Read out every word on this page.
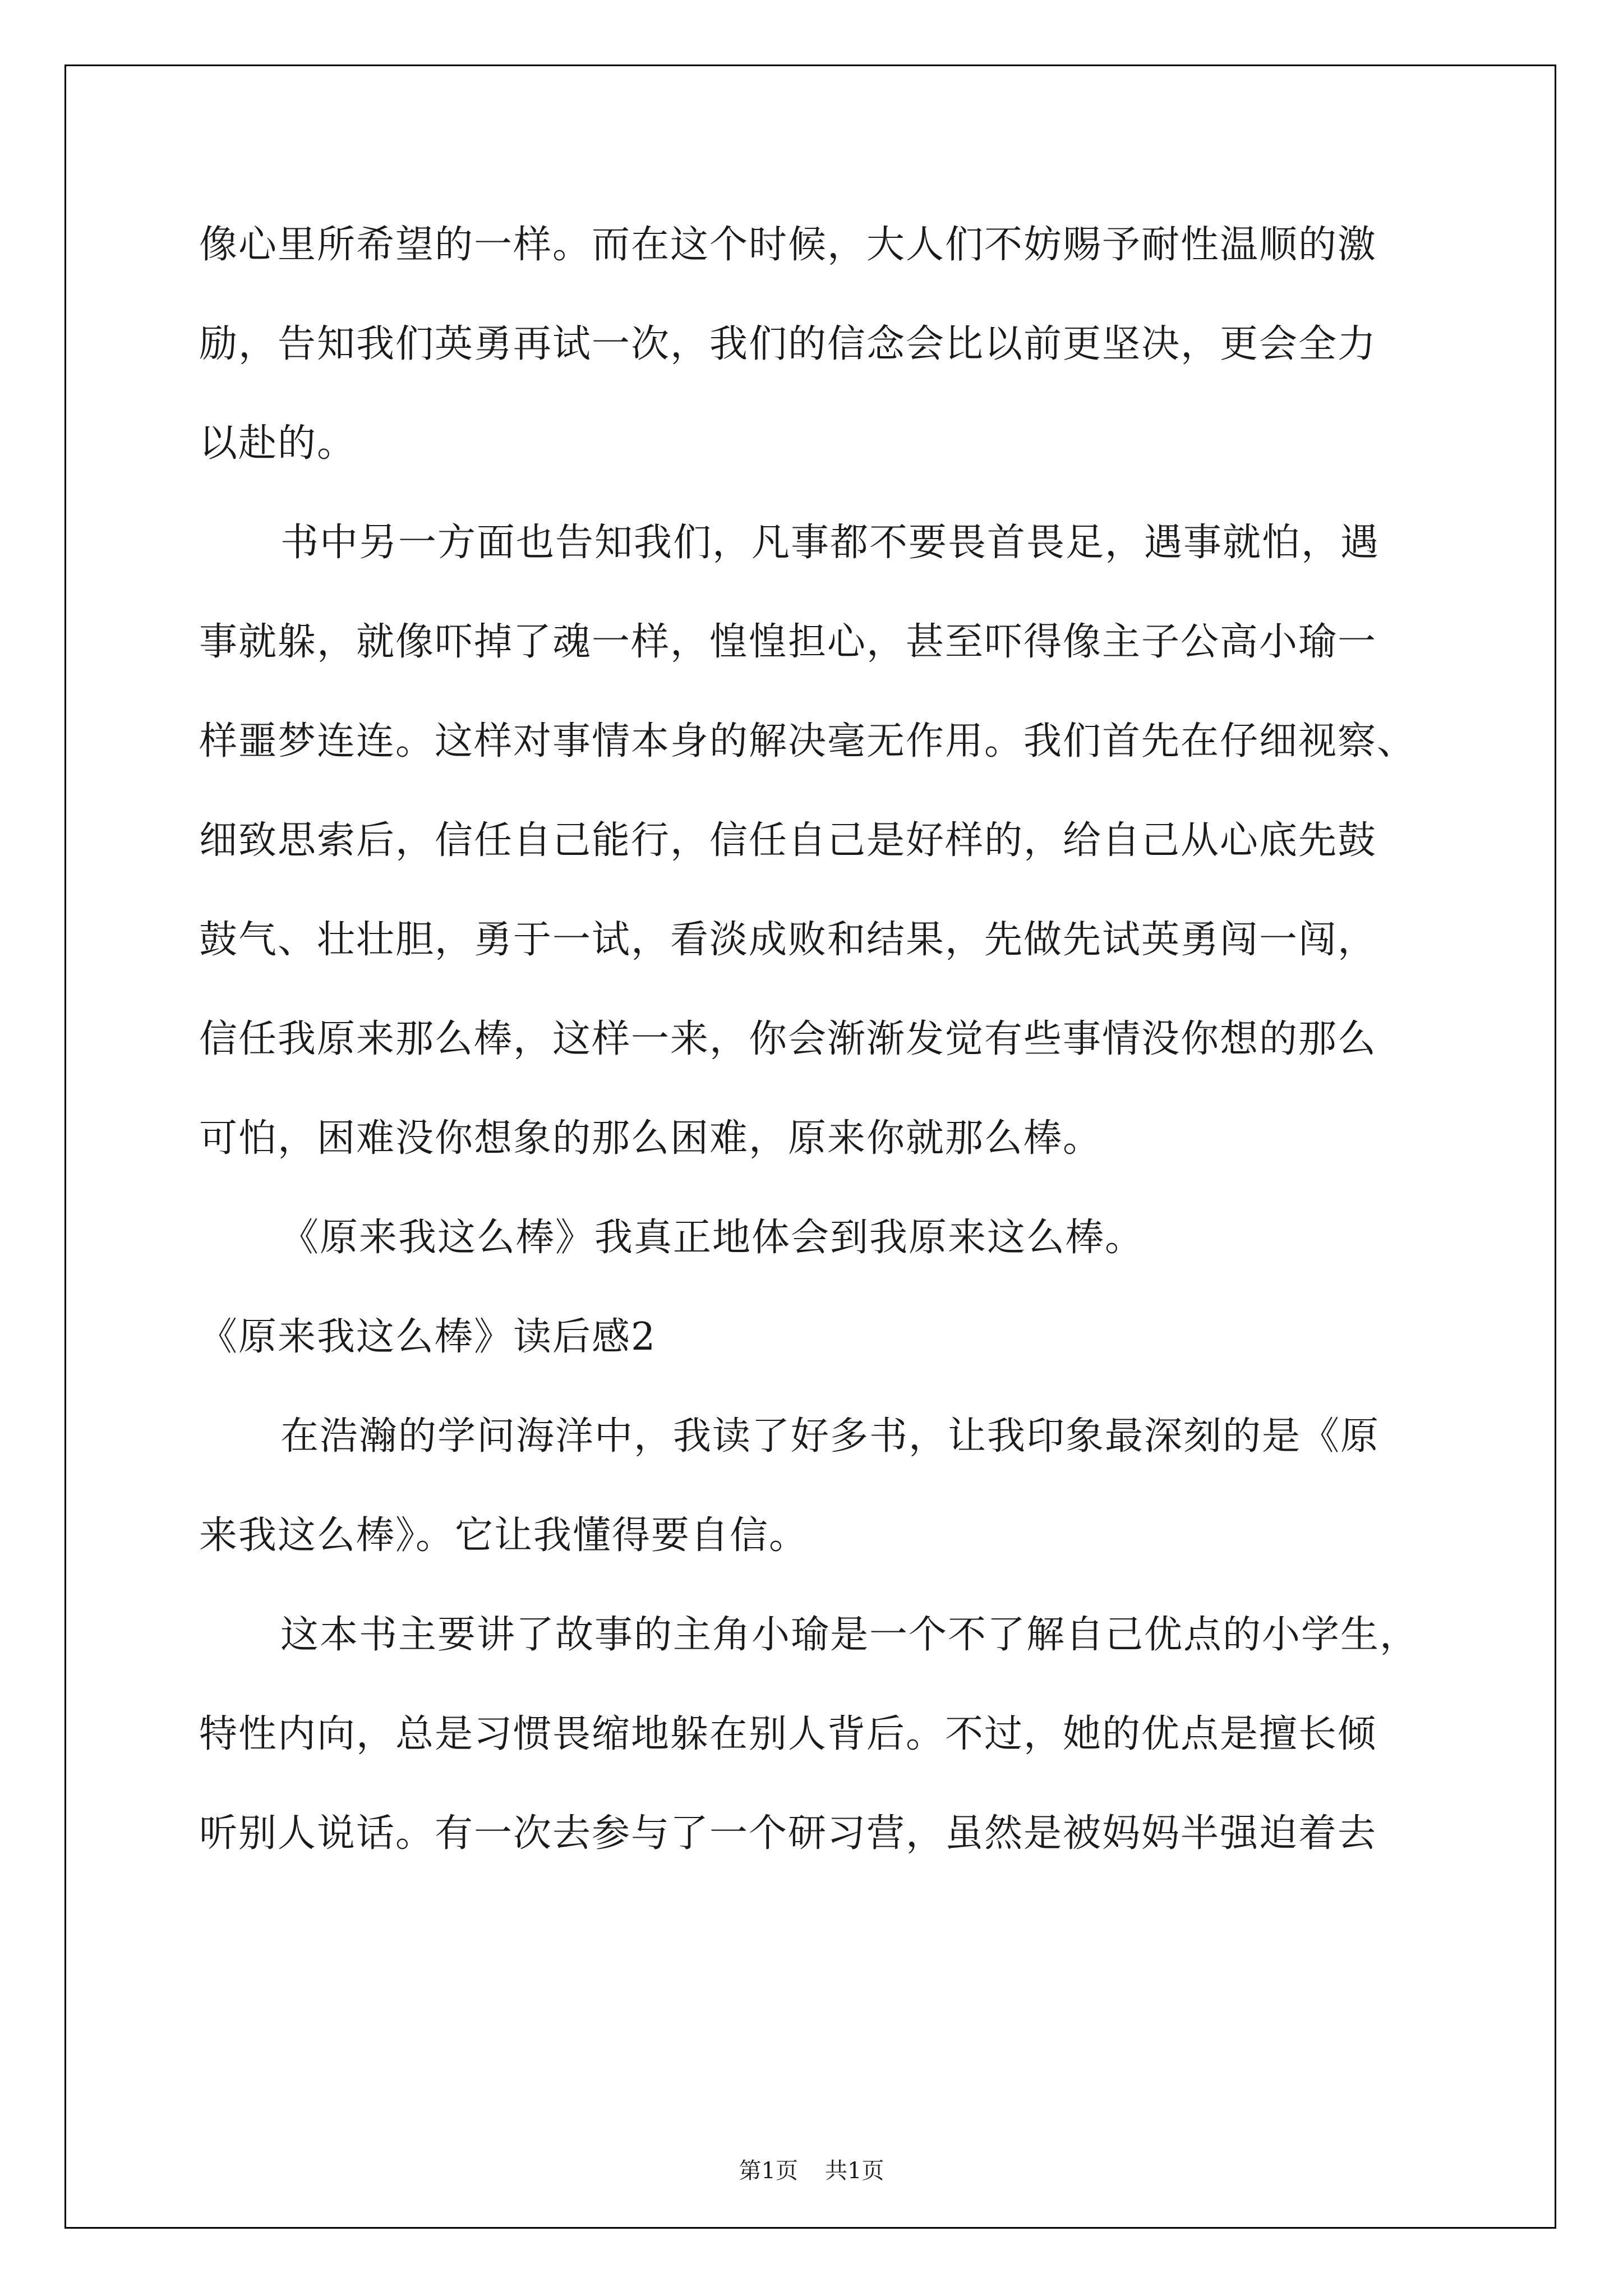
像心里所希望的一样。而在这个时候，大人们不妨赐予耐性温顺的激
励，告知我们英勇再试一次，我们的信念会比以前更坚决，更会全力
以赴的。
书中另一方面也告知我们，凡事都不要畏首畏足，遇事就怕，遇
事就躲，就像吓掉了魂一样，惶惶担心，甚至吓得像主子公高小瑜一
样噩梦连连。这样对事情本身的解决毫无作用。我们首先在仔细视察、
细致思索后，信任自己能行，信任自己是好样的，给自己从心底先鼓
鼓气、壮壮胆，勇于一试，看淡成败和结果，先做先试英勇闯一闯，
信任我原来那么棒，这样一来，你会渐渐发觉有些事情没你想的那么
可怕，困难没你想象的那么困难，原来你就那么棒。
《原来我这么棒》我真正地体会到我原来这么棒。
《原来我这么棒》读后感2
在浩瀚的学问海洋中，我读了好多书，让我印象最深刻的是《原
来我这么棒》。它让我懂得要自信。
这本书主要讲了故事的主角小瑜是一个不了解自己优点的小学生，
特性内向，总是习惯畏缩地躲在别人背后。不过，她的优点是擅长倾
听别人说话。有一次去参与了一个研习营，虽然是被妈妈半强迫着去
第1页 共1页
